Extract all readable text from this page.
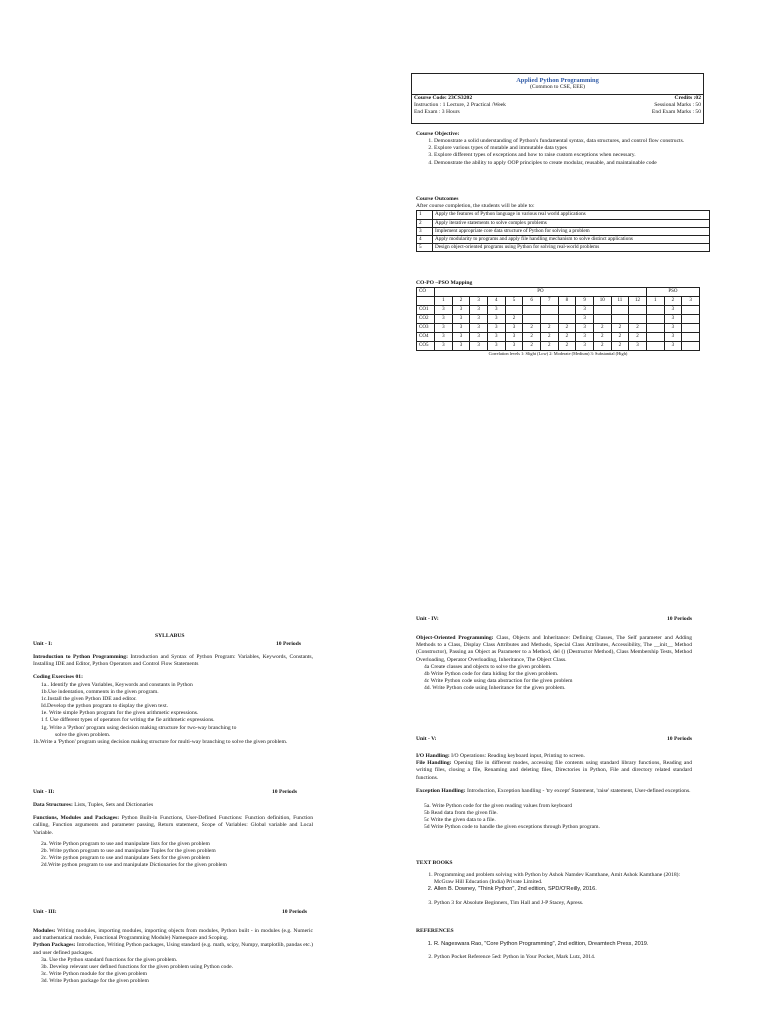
Applied Python Programming
(Common to CSE, EEE)
Course Code: 23CS3202	Credits :02
Instruction : 1 Lecture, 2 Practical /Week	Sessional Marks : 50
End Exam : 3 Hours	End Exam Marks : 50
Course Objective:
1. Demonstrate a solid understanding of Python's fundamental syntax, data structures, and control flow constructs.
2. Explore various types of mutable and immutable data types
3. Explore different types of exceptions and how to raise custom exceptions when necessary.
4. Demonstrate the ability to apply OOP principles to create modular, reusable, and maintainable code
Course Outcomes
After course completion, the students will be able to:
1	Apply the features of Python language in various real world applications
2	Apply iterative statements to solve complex problems
3	Implement appropriate core data structure of Python for solving a problem
4	Apply modularity to programs and apply file handling mechanism to solve distinct applications
5	Design object-oriented programs using Python for solving real-world problems
CO-PO –PSO Mapping
CO	PO												PSO		
	1	2	3	4	5	6	7	8	9	10	11	12	1	2	3
CO1	3	3	3	3					3					3	
CO2	3	3	3	3	2				3					3	
CO3	3	3	3	3	3	2	2	2	3	2	2	2		3	
CO4	3	3	3	3	3	2	2	2	3	2	2	2		3	
CO5	3	3	3	3	3	2	2	2	3	2	2	3		3	
Correlation levels 1: Slight (Low) 2: Moderate (Medium) 3: Substantial (High)
SYLLABUS
Unit - I:	10 Periods
Introduction to Python Programming: Introduction and Syntax of Python Program: Variables, Keywords, Constants, Installing IDE and Editor, Python Operators and Control Flow Statements
Coding Exercises 01:
1a.. Identify the given Variables, Keywords and constants in Python
1b.Use indentation, comments in the given program.
1c.Install the given Python IDE and editor.
Id.Develop the python program to display the given text.
1e. Write simple Python program for the given arithmetic expressions.
1 f. Use different types of operators for writing the fie arithmetic expressions.
1g. Write a 'Python' program using decision making structure for two-way branching to
solve the given problem.
1h.Write a 'Python' program using decision making structure for multi-way branching to solve the given problem.
Unit - II:	10 Periods
Data Structures: Lists, Tuples, Sets and Dictionaries
Functions, Modules and Packages: Python Built-in Functions, User-Defined Functions: Function definition, Function calling, Function arguments and parameter passing, Return statement, Scope of Variables: Global variable and Local Variable.
2a. Write Python program to use and manipulate lists for the given problem
2b. Write python program to use and manipulate Tuples for the given problem
2c. Write python program to use and manipulate Sets for the given problem
2d.Write python program to use and manipulate Dictionaries for the given problem
Unit - III:	10 Periods
Modules: Writing modules, importing modules, importing objects from modules, Python built - in modules (e.g. Numeric and mathematical module, Functional Programming Module) Namespace and Scoping.
Python Packages: Introduction, Writing Python packages, Using standard (e.g. math, scipy, Numpy, matplotlib, pandas etc.) and user defined packages.
3a. Use the Python standard functions for the given problem.
3b. Develop relevant user defined functions for the given problem using Python code.
3c. Write Python module for the given problem
3d. Write Python package for the given problem
Unit - IV:	10 Periods
Object-Oriented Programming: Class, Objects and Inheritance: Defining Classes, The Self parameter and Adding Methods to a Class, Display Class Attributes and Methods, Special Class Attributes, Accessibility, The __init__ Method (Constructor), Passing an Object as Parameter to a Method, del () (Destructor Method), Class Membership Tests, Method Overloading, Operator Overloading, Inheritance, The Object Class.
4a Create classes and objects to solve the given problem.
4b Write Python code for data hiding for the given problem.
4c Write Python code using data abstraction for the given problem
4d. Write Python code using Inheritance for the given problem.
Unit - V:	10 Periods
I/O Handling: I/O Operations: Reading keyboard input, Printing to screen.
File Handling: Opening file in different modes, accessing file contents using standard library functions, Reading and writing files, closing a file, Renaming and deleting files, Directories in Python, File and directory related standard functions.
Exception Handling: Introduction, Exception handling - 'try except' Statement, 'raise' statement, User-defined exceptions.
5a. Write Python code for the given reading values from keyboard
5b Read data from the given file.
5c Write the given data to a file.
5d Write Python code to handle the given exceptions through Python program.
TEXT BOOKS
1. Programming and problem solving with Python by Ashok Namdev Kamthane, Amit Ashok Kamthane (2018): McGraw Hill Education (India) Private Limited.
2. Allen B. Downey, "Think Python", 2nd edition, SPD/O'Reilly, 2016.
3. Python 3 for Absolute Beginners, Tim Hall and J-P Stacey, Apress.
REFERENCES
1. R. Nageswara Rao, "Core Python Programming", 2nd edition, Dreamtech Press, 2019.
2. Python Pocket Reference 5ed: Python in Your Pocket, Mark Lutz, 2014.
